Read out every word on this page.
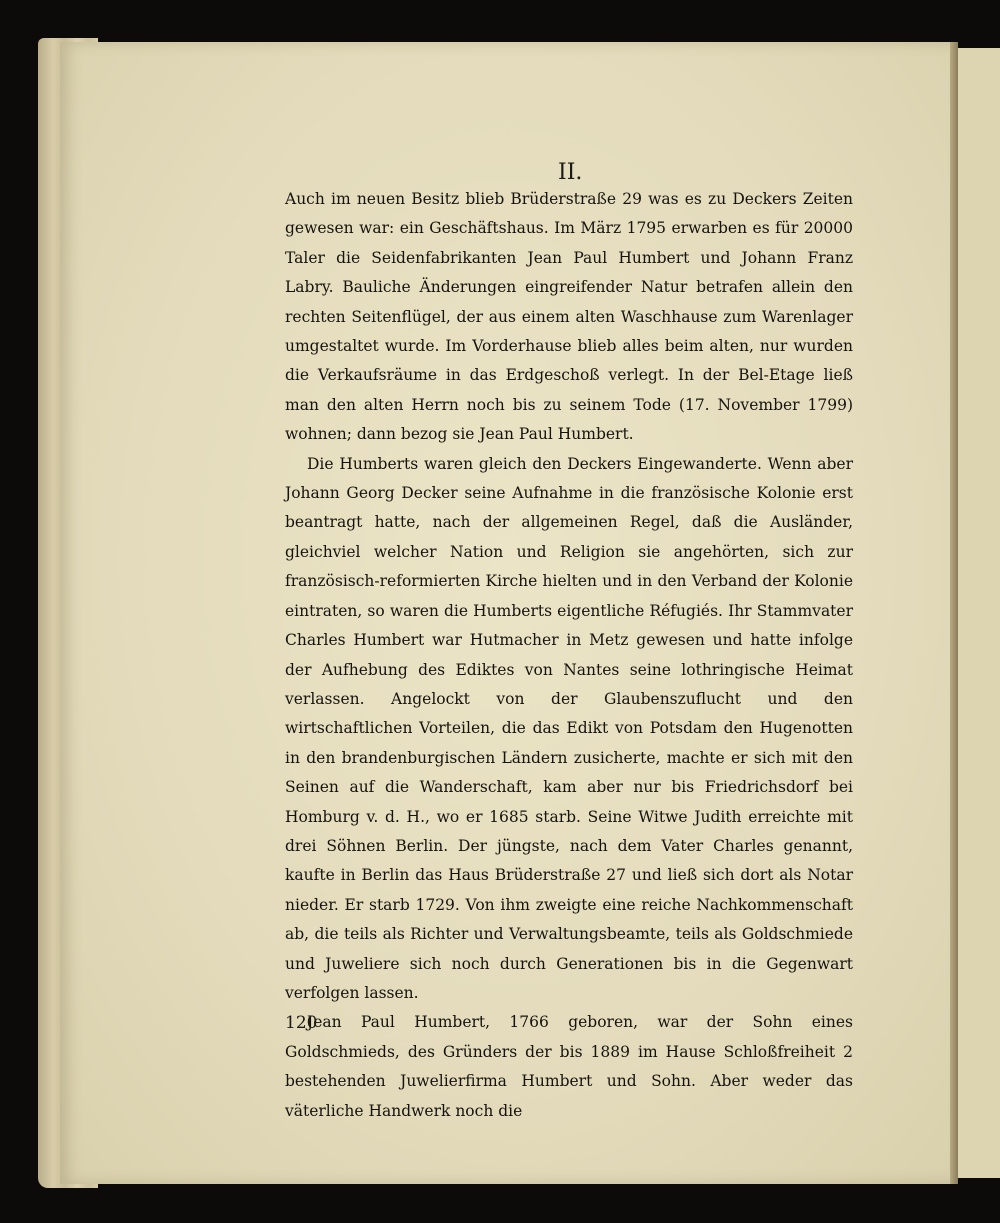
II.

Auch im neuen Besitz blieb Brüderstraße 29 was es zu Deckers Zeiten gewesen war: ein Geschäftshaus. Im März 1795 erwarben es für 20000 Taler die Seidenfabrikanten Jean Paul Humbert und Johann Franz Labry. Bauliche Änderungen eingreifender Natur betrafen allein den rechten Seitenflügel, der aus einem alten Waschhause zum Warenlager umgestaltet wurde. Im Vorderhause blieb alles beim alten, nur wurden die Verkaufsräume in das Erdgeschoß verlegt. In der Bel-Etage ließ man den alten Herrn noch bis zu seinem Tode (17. November 1799) wohnen; dann bezog sie Jean Paul Humbert.

Die Humberts waren gleich den Deckers Eingewanderte. Wenn aber Johann Georg Decker seine Aufnahme in die französische Kolonie erst beantragt hatte, nach der allgemeinen Regel, daß die Ausländer, gleichviel welcher Nation und Religion sie angehörten, sich zur französisch-reformierten Kirche hielten und in den Verband der Kolonie eintraten, so waren die Humberts eigentliche Réfugiés. Ihr Stammvater Charles Humbert war Hutmacher in Metz gewesen und hatte infolge der Aufhebung des Ediktes von Nantes seine lothringische Heimat verlassen. Angelockt von der Glaubenszuflucht und den wirtschaftlichen Vorteilen, die das Edikt von Potsdam den Hugenotten in den brandenburgischen Ländern zusicherte, machte er sich mit den Seinen auf die Wanderschaft, kam aber nur bis Friedrichsdorf bei Homburg v. d. H., wo er 1685 starb. Seine Witwe Judith erreichte mit drei Söhnen Berlin. Der jüngste, nach dem Vater Charles genannt, kaufte in Berlin das Haus Brüderstraße 27 und ließ sich dort als Notar nieder. Er starb 1729. Von ihm zweigte eine reiche Nachkommenschaft ab, die teils als Richter und Verwaltungsbeamte, teils als Goldschmiede und Juweliere sich noch durch Generationen bis in die Gegenwart verfolgen lassen.

Jean Paul Humbert, 1766 geboren, war der Sohn eines Goldschmieds, des Gründers der bis 1889 im Hause Schloßfreiheit 2 bestehenden Juwelierfirma Humbert und Sohn. Aber weder das väterliche Handwerk noch die

120
